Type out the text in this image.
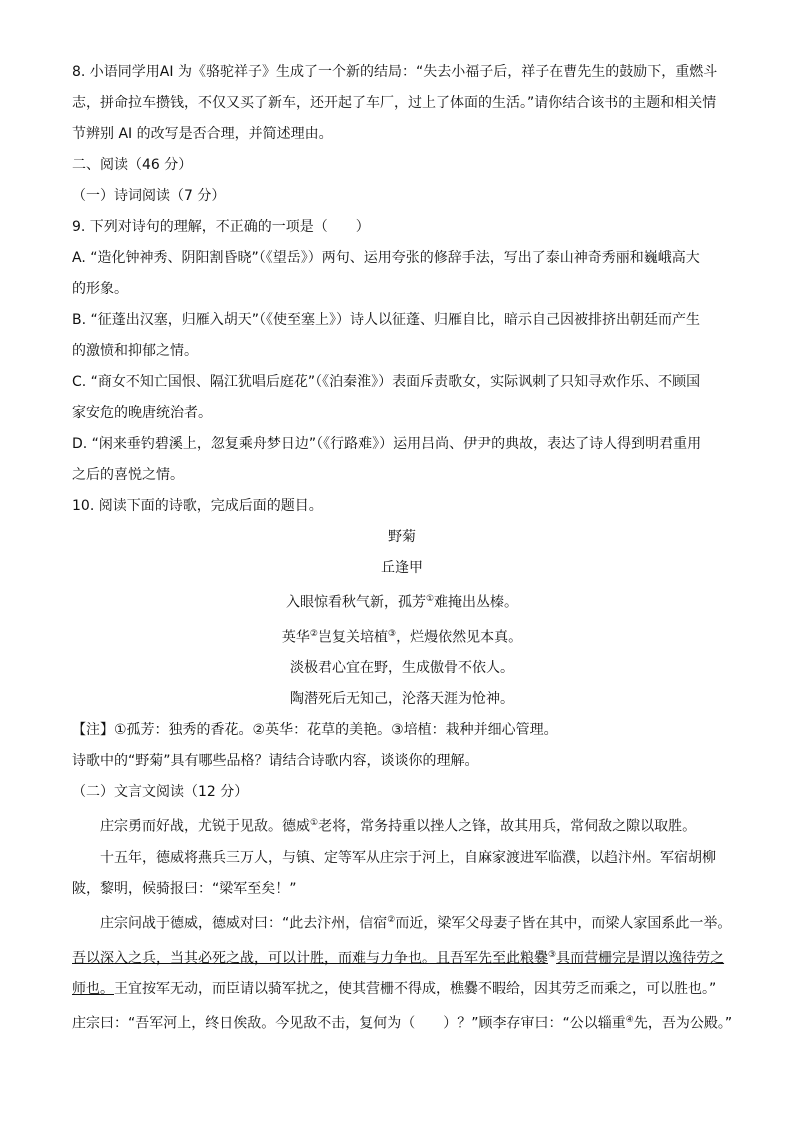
8. 小语同学用AI 为《骆驼祥子》生成了一个新的结局：“失去小福子后，祥子在曹先生的鼓励下，重燃斗
志，拼命拉车攒钱，不仅又买了新车，还开起了车厂，过上了体面的生活。”请你结合该书的主题和相关情
节辨别 AI 的改写是否合理，并简述理由。
二、阅读（46 分）
（一）诗词阅读（7 分）
9. 下列对诗句的理解，不正确的一项是（　　）
A. “造化钟神秀、阴阳割昏晓”（《望岳》）两句、运用夸张的修辞手法，写出了泰山神奇秀丽和巍峨高大
的形象。
B. “征蓬出汉塞，归雁入胡天”（《使至塞上》）诗人以征蓬、归雁自比，暗示自己因被排挤出朝廷而产生
的激愤和抑郁之情。
C. “商女不知亡国恨、隔江犹唱后庭花”（《泊秦淮》）表面斥责歌女，实际讽刺了只知寻欢作乐、不顾国
家安危的晚唐统治者。
D. “闲来垂钓碧溪上，忽复乘舟梦日边”（《行路难》）运用吕尚、伊尹的典故，表达了诗人得到明君重用
之后的喜悦之情。
10. 阅读下面的诗歌，完成后面的题目。
野菊
丘逢甲
入眼惊看秋气新，孤芳①难掩出丛榛。
英华②岂复关培植③，烂熳依然见本真。
淡极君心宜在野，生成傲骨不依人。
陶潜死后无知己，沦落天涯为怆神。
【注】①孤芳：独秀的香花。②英华：花草的美艳。③培植：栽种并细心管理。
诗歌中的“野菊”具有哪些品格？请结合诗歌内容，谈谈你的理解。
（二）文言文阅读（12 分）
庄宗勇而好战，尤锐于见敌。德威①老将，常务持重以挫人之锋，故其用兵，常伺敌之隙以取胜。
十五年，德威将燕兵三万人，与镇、定等军从庄宗于河上，自麻家渡进军临濮，以趋汴州。军宿胡柳
陂，黎明，候骑报曰：“梁军至矣！”
庄宗问战于德威，德威对曰：“此去汴州，信宿②而近，梁军父母妻子皆在其中，而梁人家国系此一举。
吾以深入之兵，当其必死之战，可以计胜，而难与力争也。且吾军先至此粮爨③具而营栅完是谓以逸待劳之
师也。王宜按军无动，而臣请以骑军扰之，使其营栅不得成，樵爨不暇给，因其劳乏而乘之，可以胜也。”
庄宗曰：“吾军河上，终日俟敌。今见敌不击，复何为（　　）？”顾李存审曰：“公以辎重④先，吾为公殿。”
